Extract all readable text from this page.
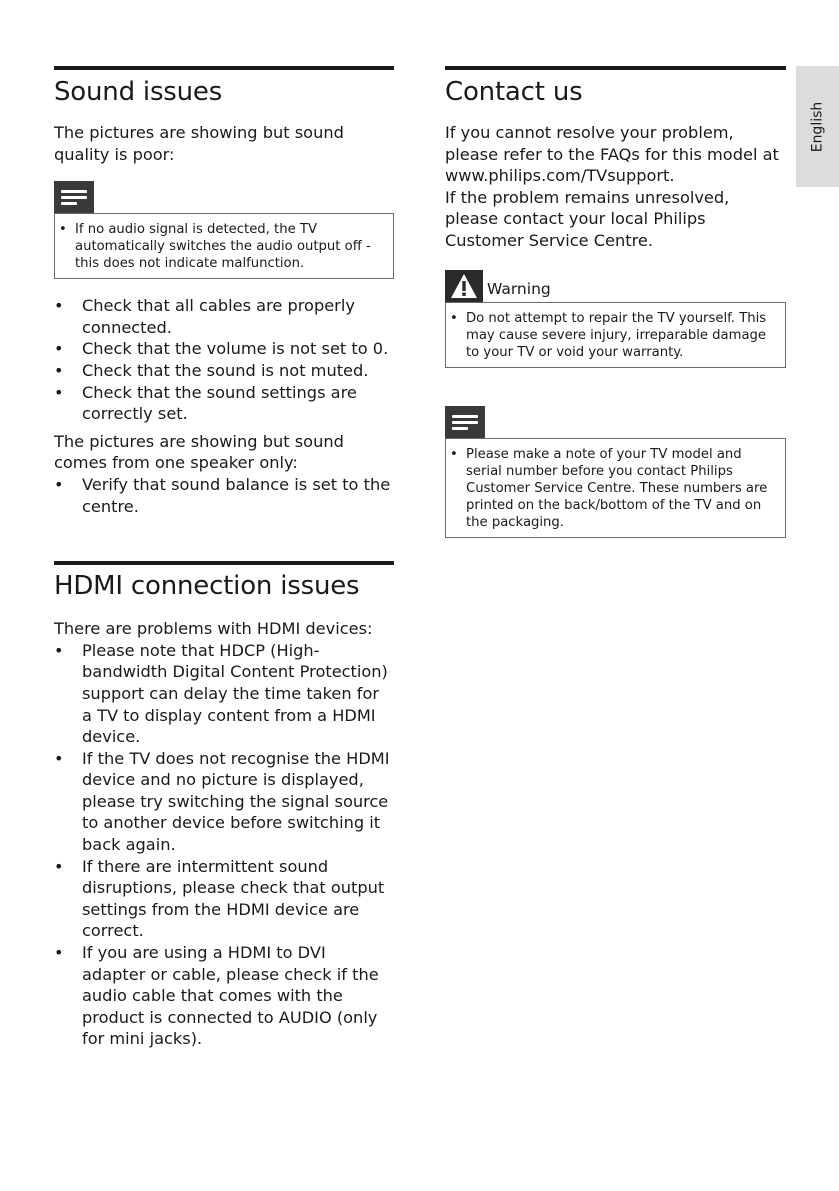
Sound issues

The pictures are showing but sound quality is poor:

• If no audio signal is detected, the TV automatically switches the audio output off - this does not indicate malfunction.
• Check that all cables are properly connected.
• Check that the volume is not set to 0.
• Check that the sound is not muted.
• Check that the sound settings are correctly set.

The pictures are showing but sound comes from one speaker only:

• Verify that sound balance is set to the centre.
HDMI connection issues

There are problems with HDMI devices:

• Please note that HDCP (High-bandwidth Digital Content Protection) support can delay the time taken for a TV to display content from a HDMI device.
• If the TV does not recognise the HDMI device and no picture is displayed, please try switching the signal source to another device before switching it back again.
• If there are intermittent sound disruptions, please check that output settings from the HDMI device are correct.
• If you are using a HDMI to DVI adapter or cable, please check if the audio cable that comes with the product is connected to AUDIO (only for mini jacks).
Contact us

If you cannot resolve your problem, please refer to the FAQs for this model at

www.philips.com/TVsupport.

If the problem remains unresolved, please contact your local Philips Customer Service Centre.

Warning
• Do not attempt to repair the TV yourself. This may cause severe injury, irreparable damage to your TV or void your warranty.
• Please make a note of your TV model and serial number before you contact Philips Customer Service Centre. These numbers are printed on the back/bottom of the TV and on the packaging.
English
